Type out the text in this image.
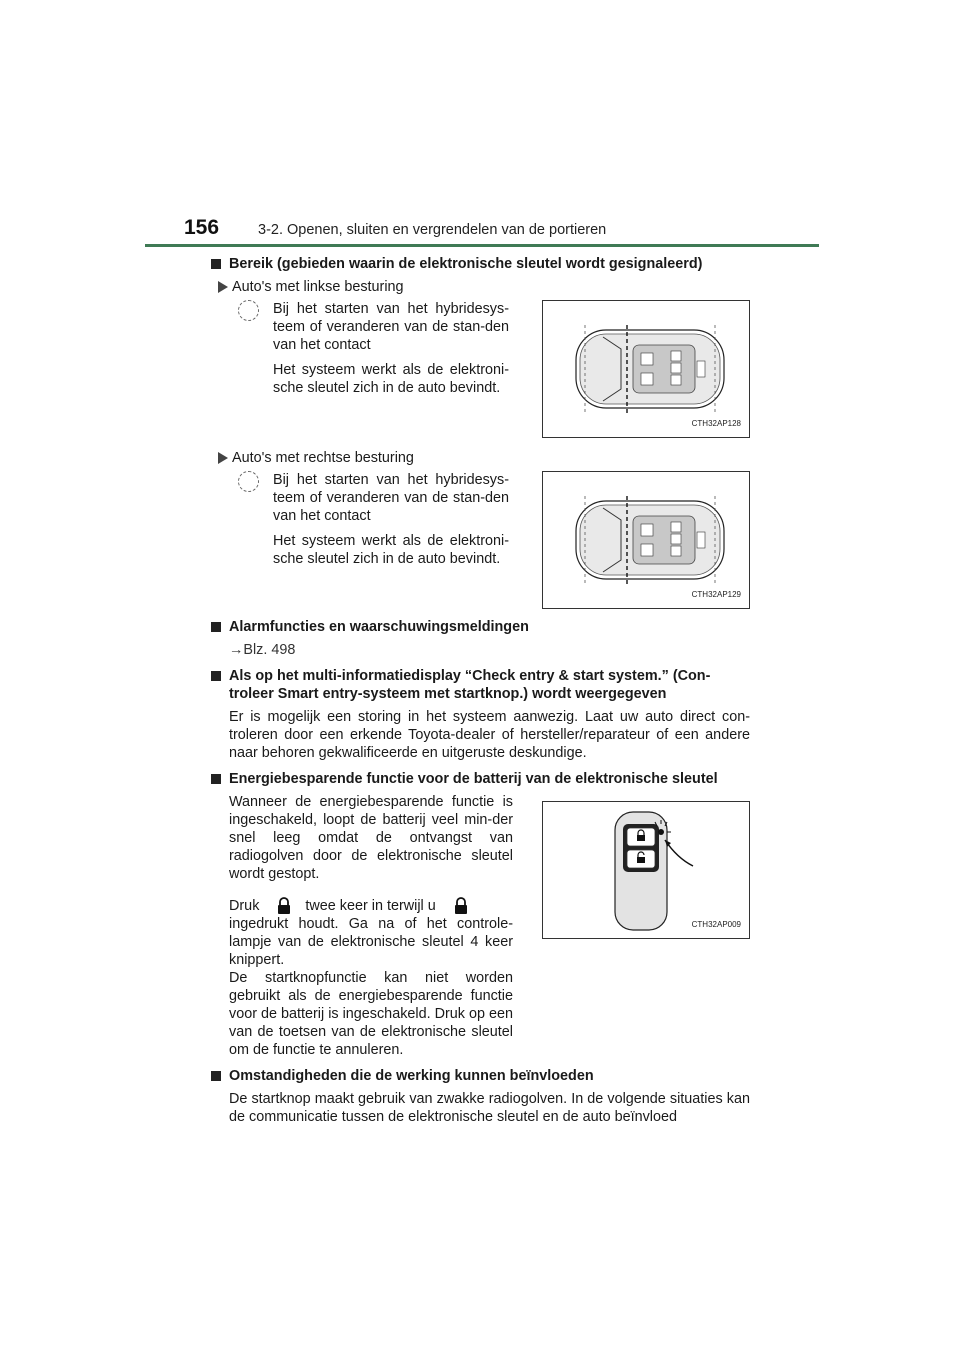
156	3-2. Openen, sluiten en vergrendelen van de portieren
Bereik (gebieden waarin de elektronische sleutel wordt gesignaleerd)
Auto's met linkse besturing

Bij het starten van het hybridesys-teem of veranderen van de stan-den van het contact

Het systeem werkt als de elektroni-sche sleutel zich in de auto bevindt.

CTH32AP128
Auto's met rechtse besturing

Bij het starten van het hybridesys-teem of veranderen van de stan-den van het contact

Het systeem werkt als de elektroni-sche sleutel zich in de auto bevindt.

CTH32AP129
Alarmfuncties en waarschuwingsmeldingen

→Blz. 498

Als op het multi-informatiedisplay “Check entry & start system.” (Con-troleer Smart entry-systeem met startknop.) wordt weergegeven

Er is mogelijk een storing in het systeem aanwezig. Laat uw auto direct con-troleren door een erkende Toyota-dealer of hersteller/reparateur of een andere naar behoren gekwalificeerde en uitgeruste deskundige.

Energiebesparende functie voor de batterij van de elektronische sleutel

Wanneer de energiebesparende functie is ingeschakeld, loopt de batterij veel min-der snel leeg omdat de ontvangst van radiogolven door de elektronische sleutel wordt gestopt.

Druk	twee keer in terwijl u

ingedrukt houdt. Ga na of het controle-lampje van de elektronische sleutel 4 keer knippert.

De startknopfunctie kan niet worden gebruikt als de energiebesparende functie voor de batterij is ingeschakeld. Druk op een van de toetsen van de elektronische sleutel om de functie te annuleren.

CTH32AP009
Omstandigheden die de werking kunnen beïnvloeden

De startknop maakt gebruik van zwakke radiogolven. In de volgende situaties kan de communicatie tussen de elektronische sleutel en de auto beïnvloed
